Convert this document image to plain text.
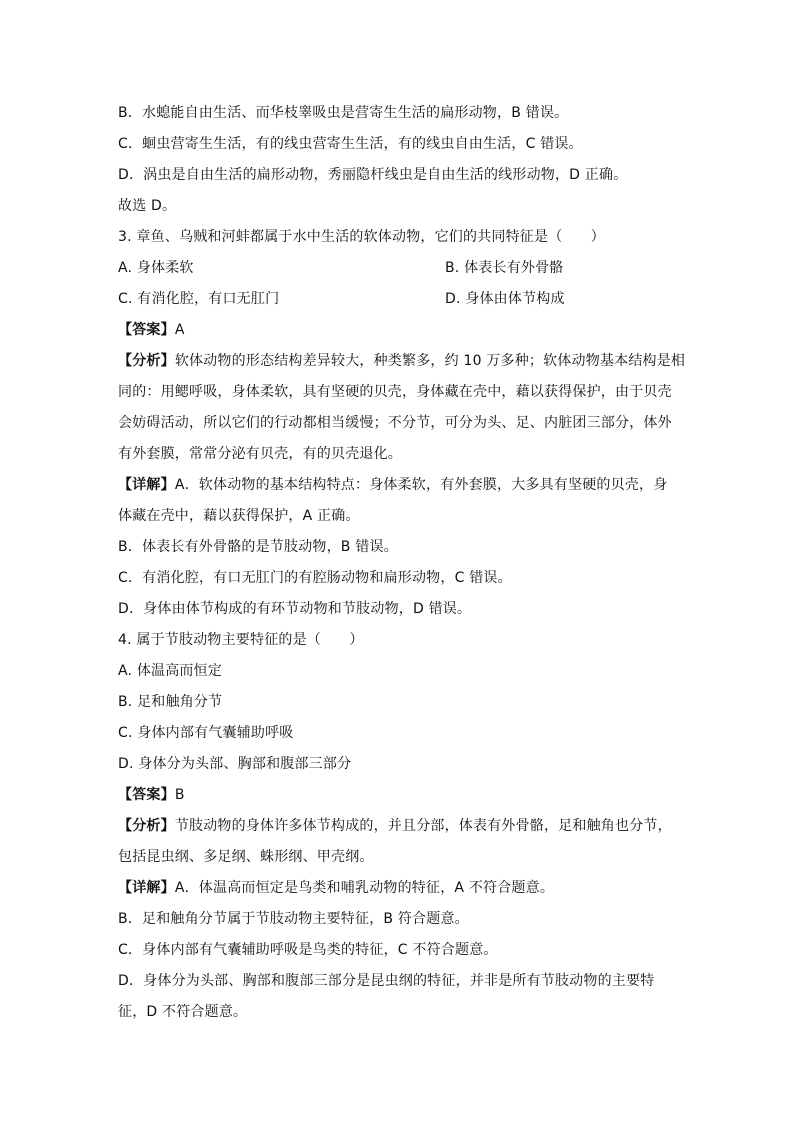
B．水螅能自由生活、而华枝睾吸虫是营寄生生活的扁形动物，B 错误。
C．蛔虫营寄生生活，有的线虫营寄生生活，有的线虫自由生活，C 错误。
D．涡虫是自由生活的扁形动物，秀丽隐杆线虫是自由生活的线形动物，D 正确。
故选 D。
3. 章鱼、乌贼和河蚌都属于水中生活的软体动物，它们的共同特征是（　　）
A. 身体柔软	B. 体表长有外骨骼
C. 有消化腔，有口无肛门	D. 身体由体节构成
【答案】A
【分析】软体动物的形态结构差异较大，种类繁多，约 10 万多种；软体动物基本结构是相
同的：用鳃呼吸，身体柔软，具有坚硬的贝壳，身体藏在壳中，藉以获得保护，由于贝壳
会妨碍活动，所以它们的行动都相当缓慢；不分节，可分为头、足、内脏团三部分，体外
有外套膜，常常分泌有贝壳，有的贝壳退化。
【详解】A．软体动物的基本结构特点：身体柔软，有外套膜，大多具有坚硬的贝壳，身
体藏在壳中，藉以获得保护，A 正确。
B．体表长有外骨骼的是节肢动物，B 错误。
C．有消化腔，有口无肛门的有腔肠动物和扁形动物，C 错误。
D．身体由体节构成的有环节动物和节肢动物，D 错误。
4. 属于节肢动物主要特征的是（　　）
A. 体温高而恒定
B. 足和触角分节
C. 身体内部有气囊辅助呼吸
D. 身体分为头部、胸部和腹部三部分
【答案】B
【分析】节肢动物的身体许多体节构成的，并且分部，体表有外骨骼，足和触角也分节，
包括昆虫纲、多足纲、蛛形纲、甲壳纲。
【详解】A．体温高而恒定是鸟类和哺乳动物的特征，A 不符合题意。
B．足和触角分节属于节肢动物主要特征，B 符合题意。
C．身体内部有气囊辅助呼吸是鸟类的特征，C 不符合题意。
D．身体分为头部、胸部和腹部三部分是昆虫纲的特征，并非是所有节肢动物的主要特
征，D 不符合题意。
